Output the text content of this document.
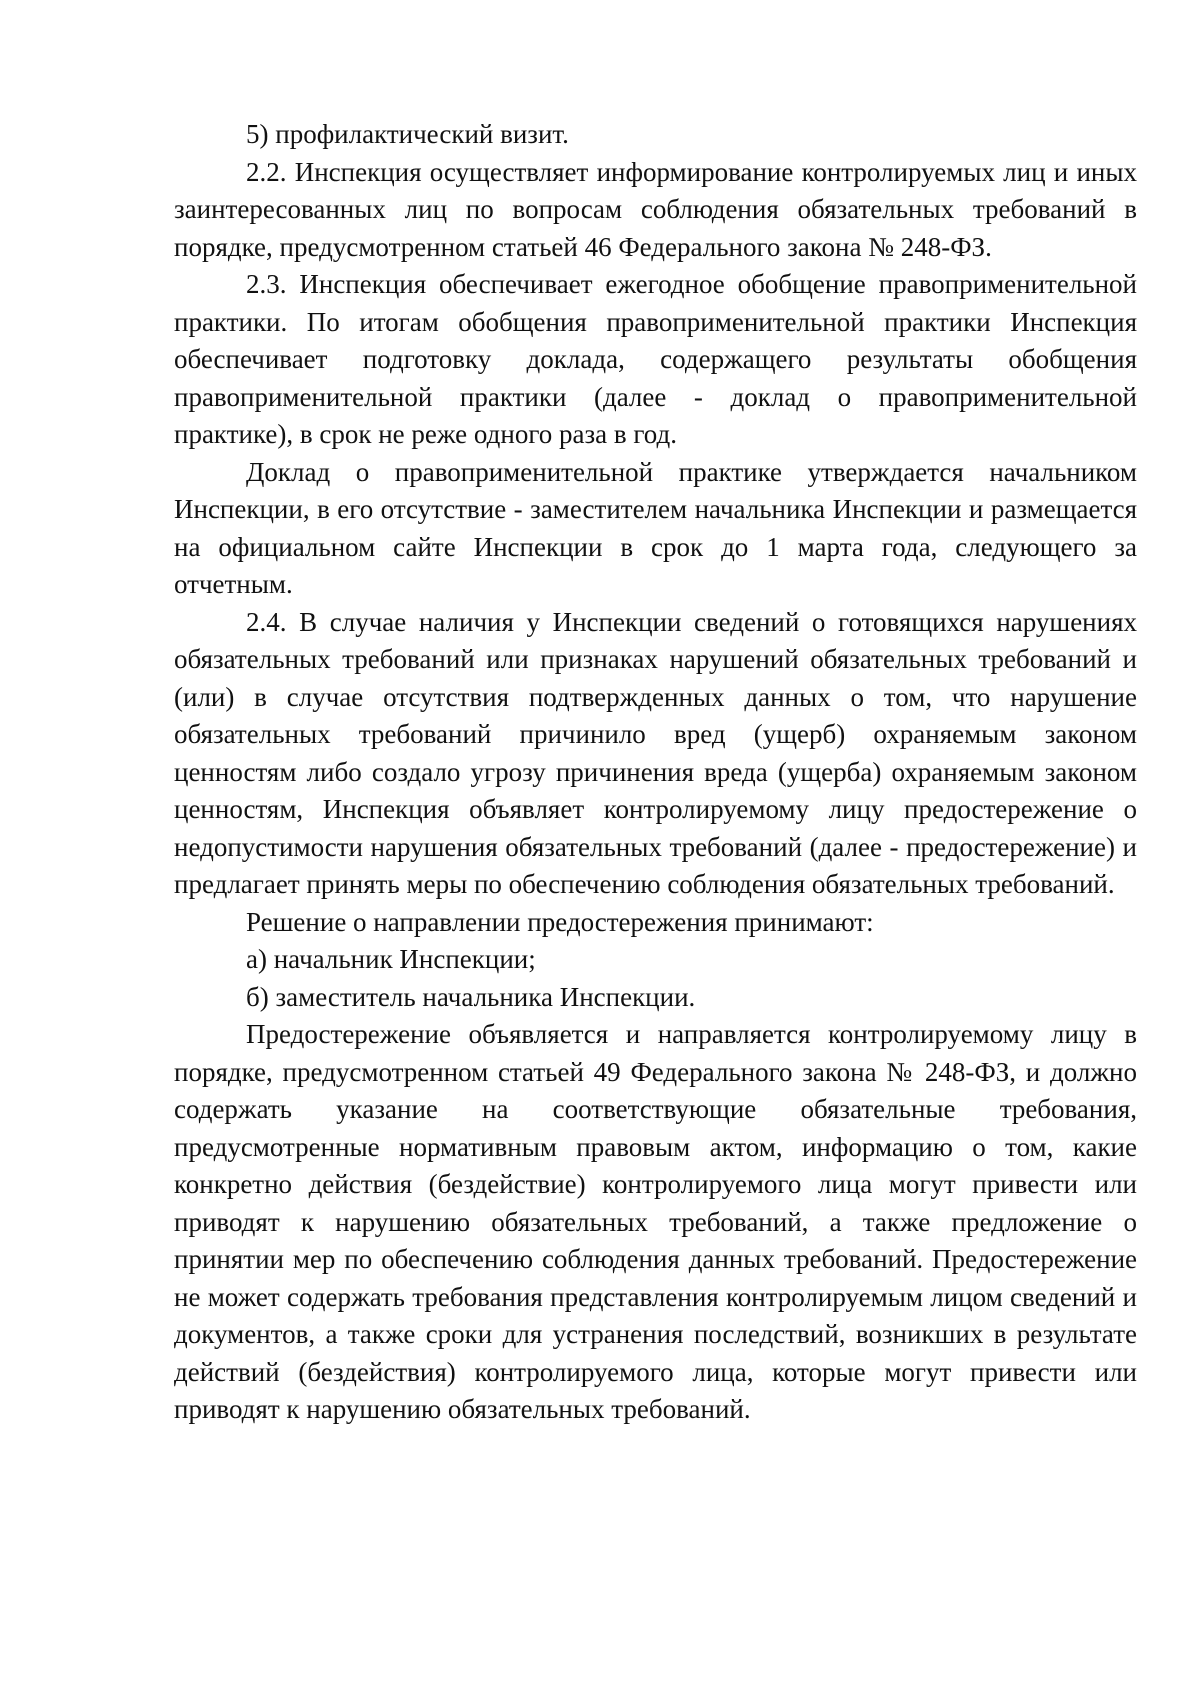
5) профилактический визит.

2.2. Инспекция осуществляет информирование контролируемых лиц и иных заинтересованных лиц по вопросам соблюдения обязательных требований в порядке, предусмотренном статьей 46 Федерального закона № 248-ФЗ.

2.3. Инспекция обеспечивает ежегодное обобщение правоприменительной практики. По итогам обобщения правоприменительной практики Инспекция обеспечивает подготовку доклада, содержащего результаты обобщения правоприменительной практики (далее - доклад о правоприменительной практике), в срок не реже одного раза в год.

Доклад о правоприменительной практике утверждается начальником Инспекции, в его отсутствие - заместителем начальника Инспекции и размещается на официальном сайте Инспекции в срок до 1 марта года, следующего за отчетным.

2.4. В случае наличия у Инспекции сведений о готовящихся нарушениях обязательных требований или признаках нарушений обязательных требований и (или) в случае отсутствия подтвержденных данных о том, что нарушение обязательных требований причинило вред (ущерб) охраняемым законом ценностям либо создало угрозу причинения вреда (ущерба) охраняемым законом ценностям, Инспекция объявляет контролируемому лицу предостережение о недопустимости нарушения обязательных требований (далее - предостережение) и предлагает принять меры по обеспечению соблюдения обязательных требований.

Решение о направлении предостережения принимают:

а) начальник Инспекции;

б) заместитель начальника Инспекции.

Предостережение объявляется и направляется контролируемому лицу в порядке, предусмотренном статьей 49 Федерального закона № 248-ФЗ, и должно содержать указание на соответствующие обязательные требования, предусмотренные нормативным правовым актом, информацию о том, какие конкретно действия (бездействие) контролируемого лица могут привести или приводят к нарушению обязательных требований, а также предложение о принятии мер по обеспечению соблюдения данных требований. Предостережение не может содержать требования представления контролируемым лицом сведений и документов, а также сроки для устранения последствий, возникших в результате действий (бездействия) контролируемого лица, которые могут привести или приводят к нарушению обязательных требований.
